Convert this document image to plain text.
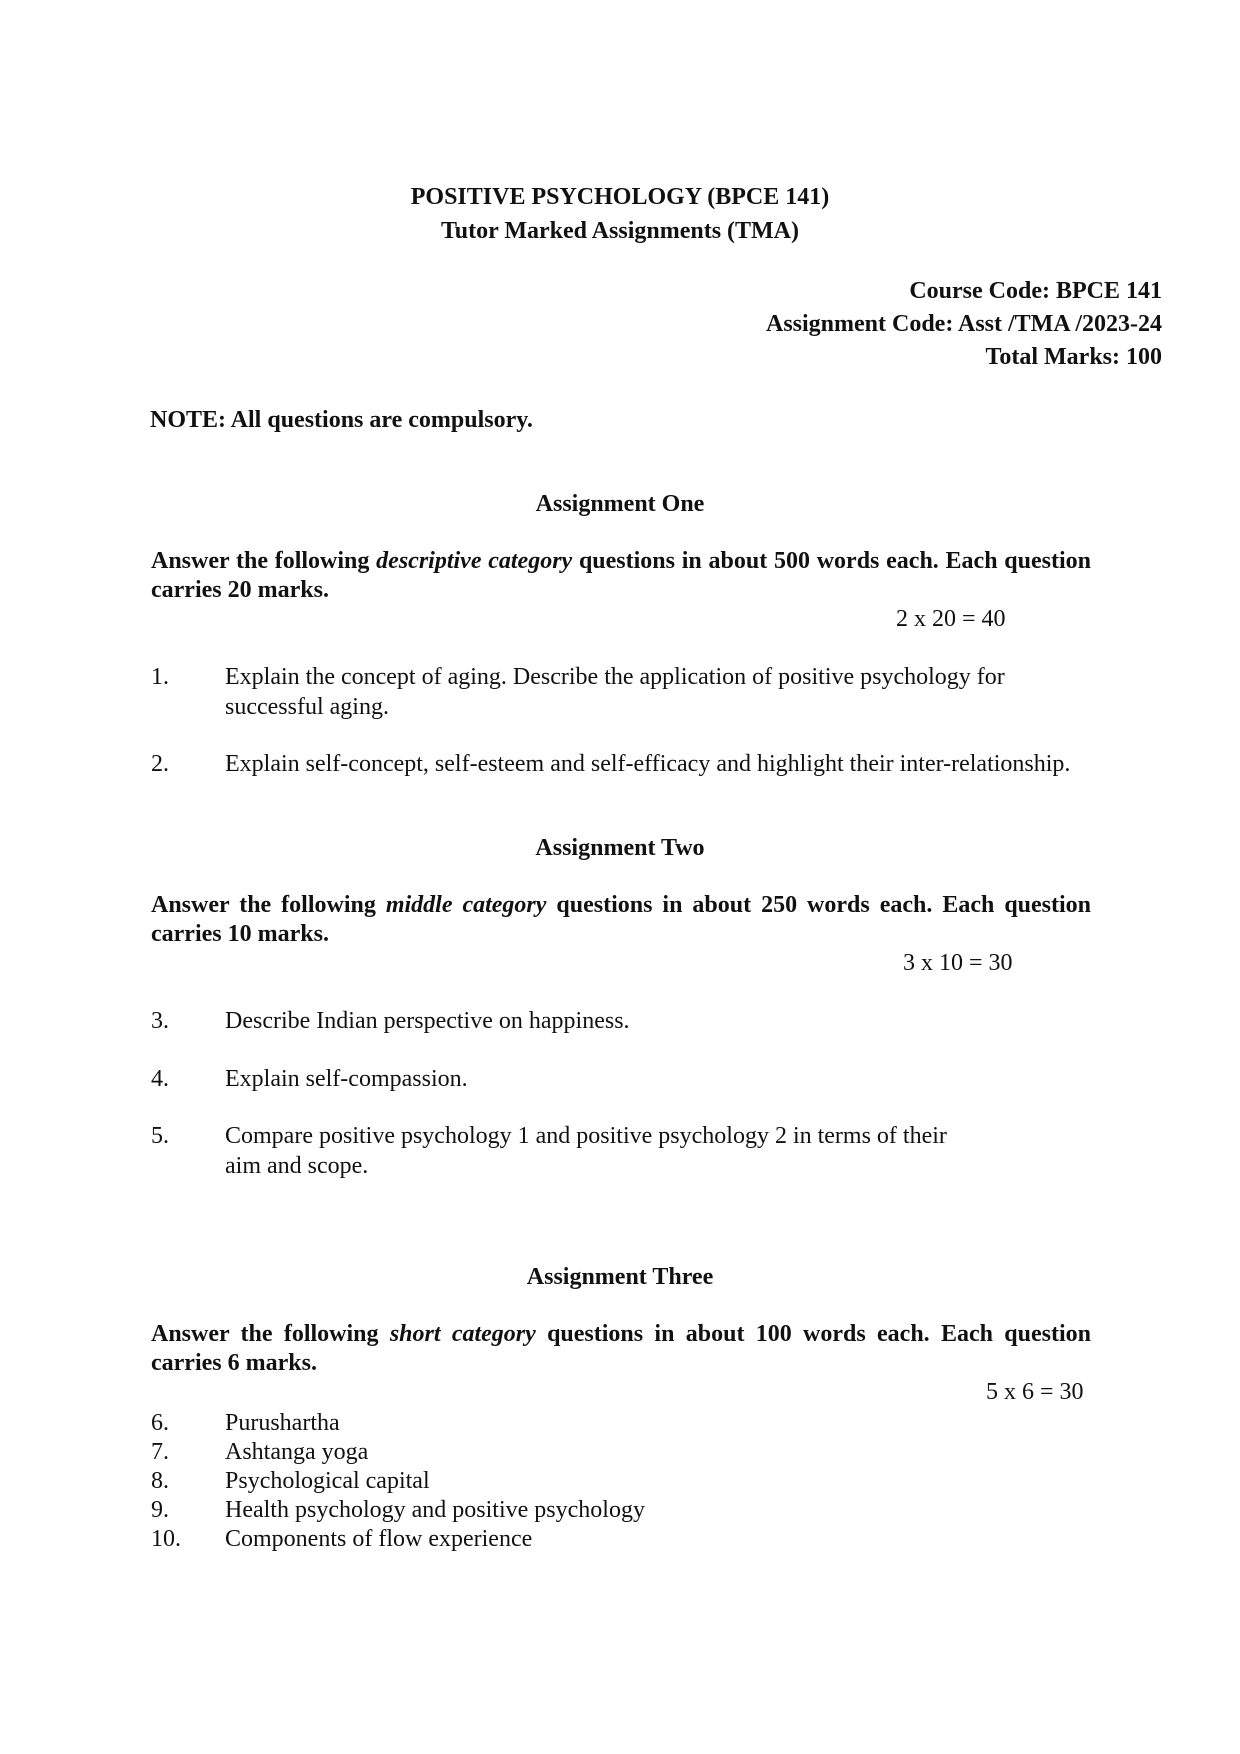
POSITIVE PSYCHOLOGY (BPCE 141)
Tutor Marked Assignments (TMA)
Course Code: BPCE 141
Assignment Code: Asst /TMA /2023-24
Total Marks: 100
NOTE: All questions are compulsory.
Assignment One
Answer the following descriptive category questions in about 500 words each. Each question carries 20 marks.
2 x 20 = 40
1. Explain the concept of aging. Describe the application of positive psychology for successful aging.
2. Explain self-concept, self-esteem and self-efficacy and highlight their inter-relationship.
Assignment Two
Answer the following middle category questions in about 250 words each. Each question carries 10 marks.
3 x 10 = 30
3. Describe Indian perspective on happiness.
4. Explain self-compassion.
5. Compare positive psychology 1 and positive psychology 2 in terms of their aim and scope.
Assignment Three
Answer the following short category questions in about 100 words each. Each question carries 6 marks.
5 x 6 = 30
6. Purushartha
7. Ashtanga yoga
8. Psychological capital
9. Health psychology and positive psychology
10. Components of flow experience
